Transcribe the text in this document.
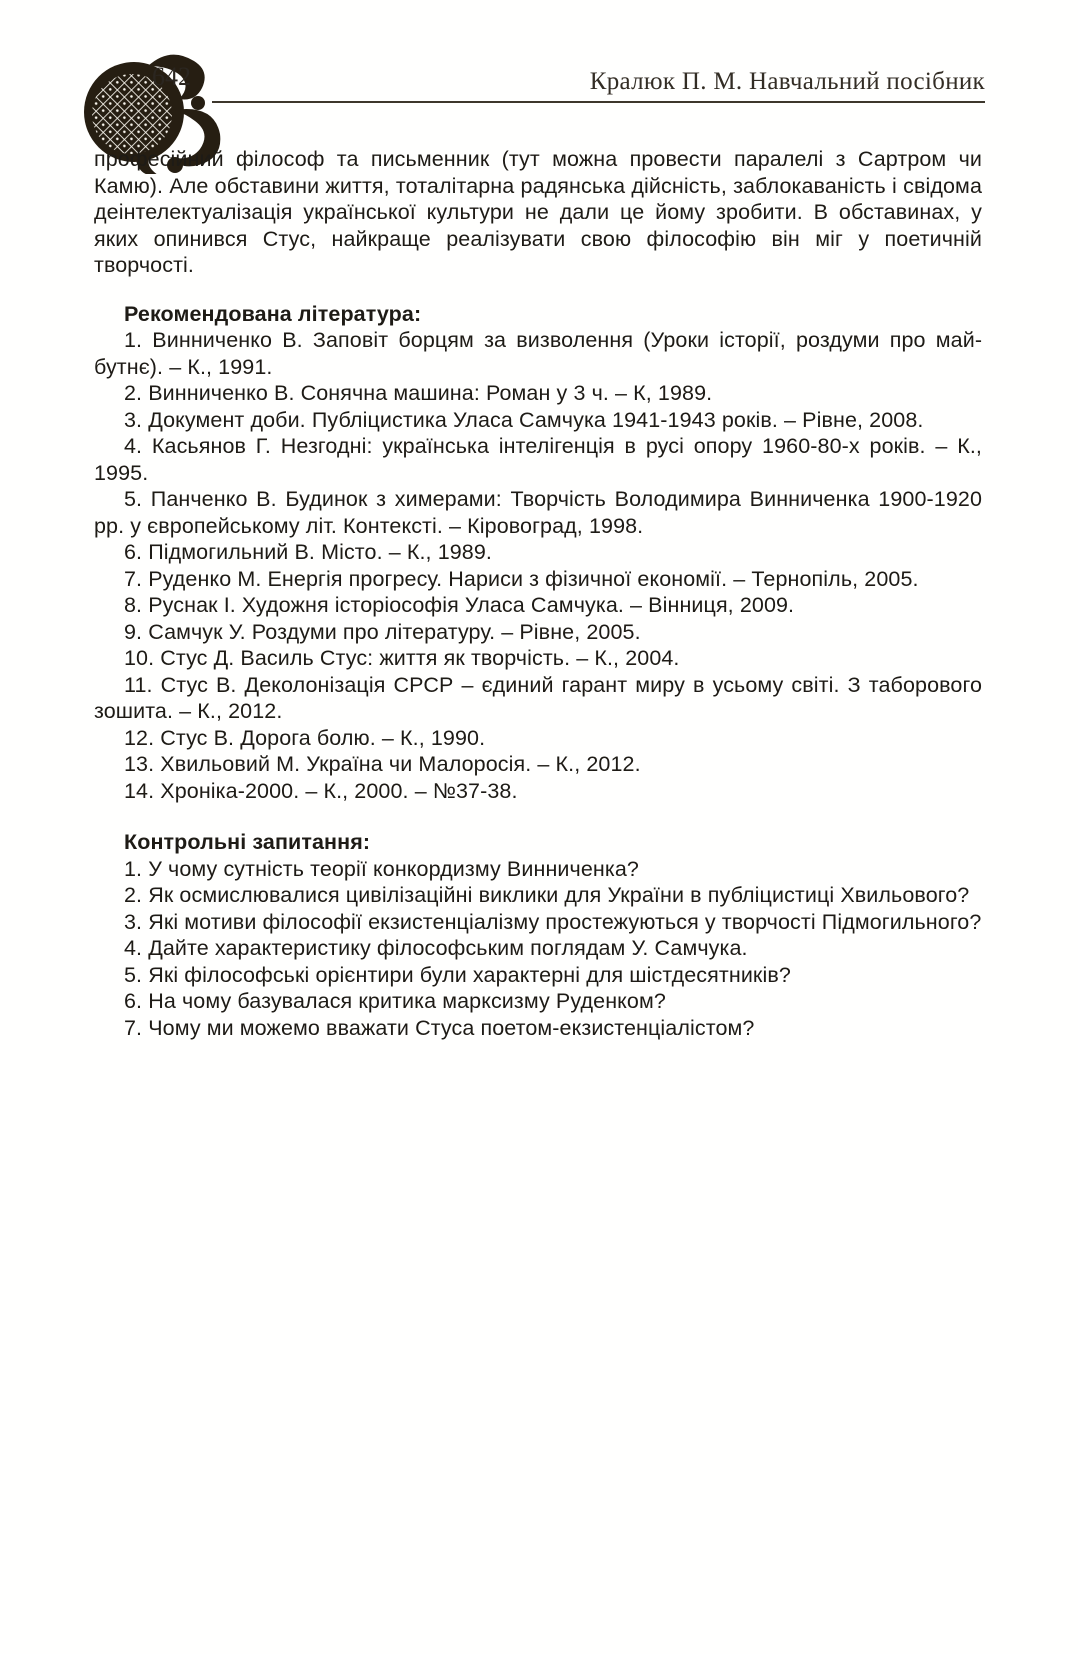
642	Кралюк П. М. Навчальний посібник

професійний філософ та письменник (тут можна провести паралелі з Сартром чи Камю). Але обставини життя, тоталітарна радянська дійсність, заблокаваність і свідома деінтелектуалізація української культури не дали це йому зробити. В обставинах, у яких опинився Стус, найкраще реалізувати свою філософію він міг у поетичній творчості.

Рекомендована література:

1. Винниченко В. Заповіт борцям за визволення (Уроки історії, роздуми про майбутнє). – К., 1991.

2. Винниченко В. Сонячна машина: Роман у 3 ч. – К, 1989.

3. Документ доби. Публіцистика Уласа Самчука 1941-1943 років. – Рівне, 2008.

4. Касьянов Г. Незгодні: українська інтелігенція в русі опору 1960-80-х років. – К., 1995.

5. Панченко В. Будинок з химерами: Творчість Володимира Винниченка 1900-1920 рр. у європейському літ. Контексті. – Кіровоград, 1998.

6. Підмогильний В. Місто. – К., 1989.

7. Руденко М. Енергія прогресу. Нариси з фізичної економії. – Тернопіль, 2005.

8. Руснак І. Художня історіософія Уласа Самчука. – Вінниця, 2009.

9. Самчук У. Роздуми про літературу. – Рівне, 2005.

10. Стус Д. Василь Стус: життя як творчість. – К., 2004.

11. Стус В. Деколонізація СРСР – єдиний гарант миру в усьому світі. З таборового зошита. – К., 2012.

12. Стус В. Дорога болю. – К., 1990.

13. Хвильовий М. Україна чи Малоросія. – К., 2012.

14. Хроніка-2000. – К., 2000. – №37-38.

Контрольні запитання:

1. У чому сутність теорії конкордизму Винниченка?

2. Як осмислювалися цивілізаційні виклики для України в публіцистиці Хвильового?

3. Які мотиви філософії екзистенціалізму простежуються у творчості Підмогильного?

4. Дайте характеристику філософським поглядам У. Самчука.

5. Які філософські орієнтири були характерні для шістдесятників?

6. На чому базувалася критика марксизму Руденком?

7. Чому ми можемо вважати Стуса поетом-екзистенціалістом?
